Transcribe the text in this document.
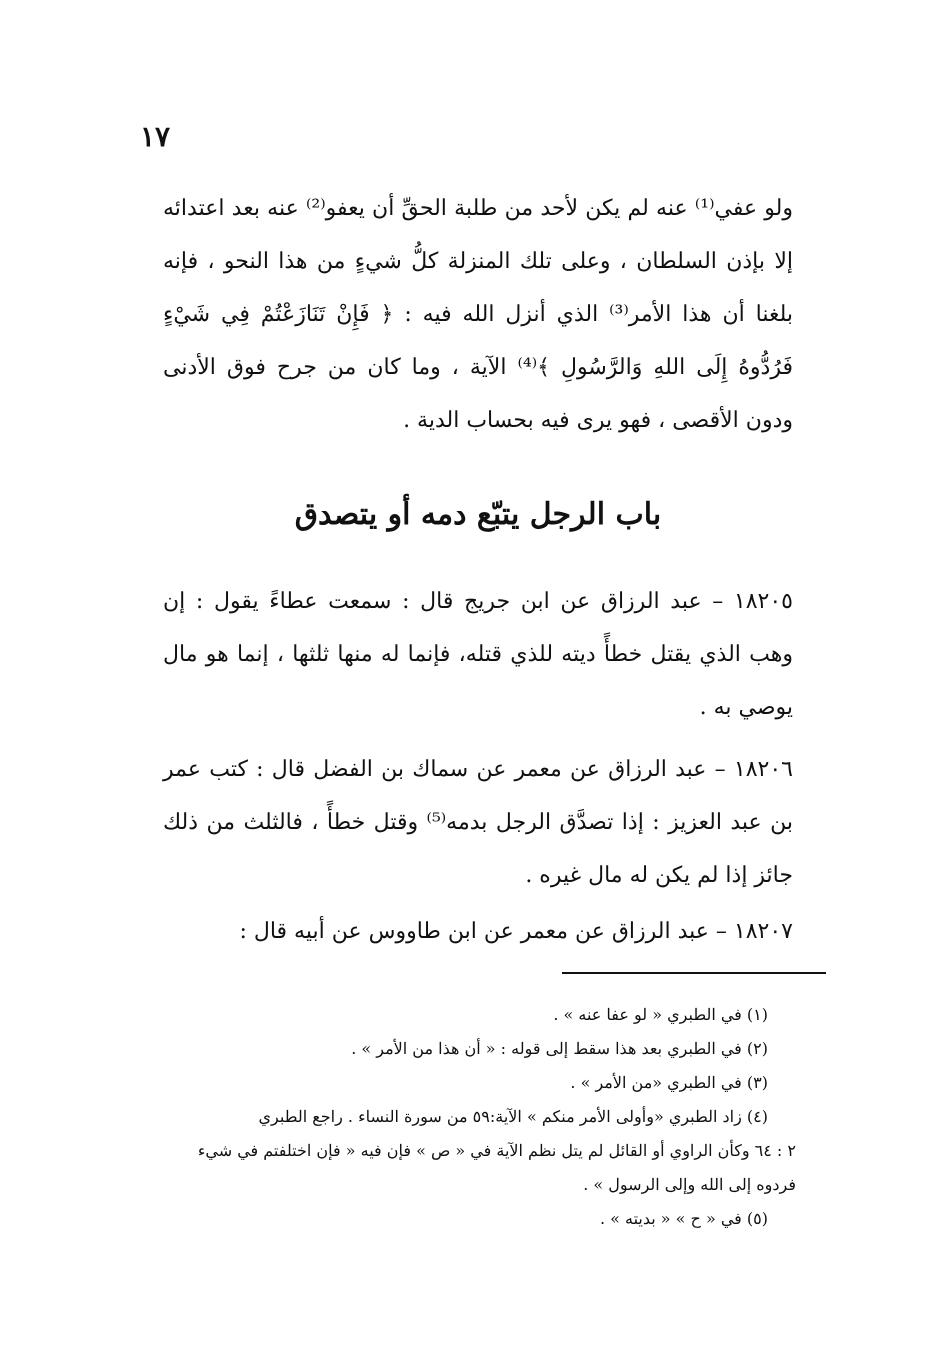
١٧

ولو عفي⁽¹⁾ عنه لم يكن لأحد من طلبة الحقِّ أن يعفو⁽²⁾ عنه بعد اعتدائه إلا بإذن السلطان ، وعلى تلك المنزلة كلُّ شيءٍ من هذا النحو ، فإنه بلغنا أن هذا الأمر⁽³⁾ الذي أنزل الله فيه : ﴿ فَإِنْ تَنَازَعْتُمْ فِي شَيْءٍ فَرُدُّوهُ إِلَى اللهِ وَالرَّسُولِ ﴾⁽⁴⁾ الآية ، وما كان من جرح فوق الأدنى ودون الأقصى ، فهو يرى فيه بحساب الدية .

باب الرجل يتبّع دمه أو يتصدق

١٨٢٠٥ – عبد الرزاق عن ابن جريج قال : سمعت عطاءً يقول : إن وهب الذي يقتل خطأً ديته للذي قتله، فإنما له منها ثلثها ، إنما هو مال يوصي به .

١٨٢٠٦ – عبد الرزاق عن معمر عن سماك بن الفضل قال : كتب عمر بن عبد العزيز : إذا تصدَّق الرجل بدمه⁽⁵⁾ وقتل خطأً ، فالثلث من ذلك جائز إذا لم يكن له مال غيره .

١٨٢٠٧ – عبد الرزاق عن معمر عن ابن طاووس عن أبيه قال :

(١) في الطبري « لو عفا عنه » .
(٢) في الطبري بعد هذا سقط إلى قوله : « أن هذا من الأمر » .
(٣) في الطبري «من الأمر » .
(٤) زاد الطبري «وأولى الأمر منكم » الآية:٥٩ من سورة النساء . راجع الطبري
٢ : ٦٤ وكأن الراوي أو القائل لم يتل نظم الآية في « ص » فإن فيه « فإن اختلفتم في شيء
فردوه إلى الله وإلى الرسول » .
(٥) في « ح » « بديته » .
